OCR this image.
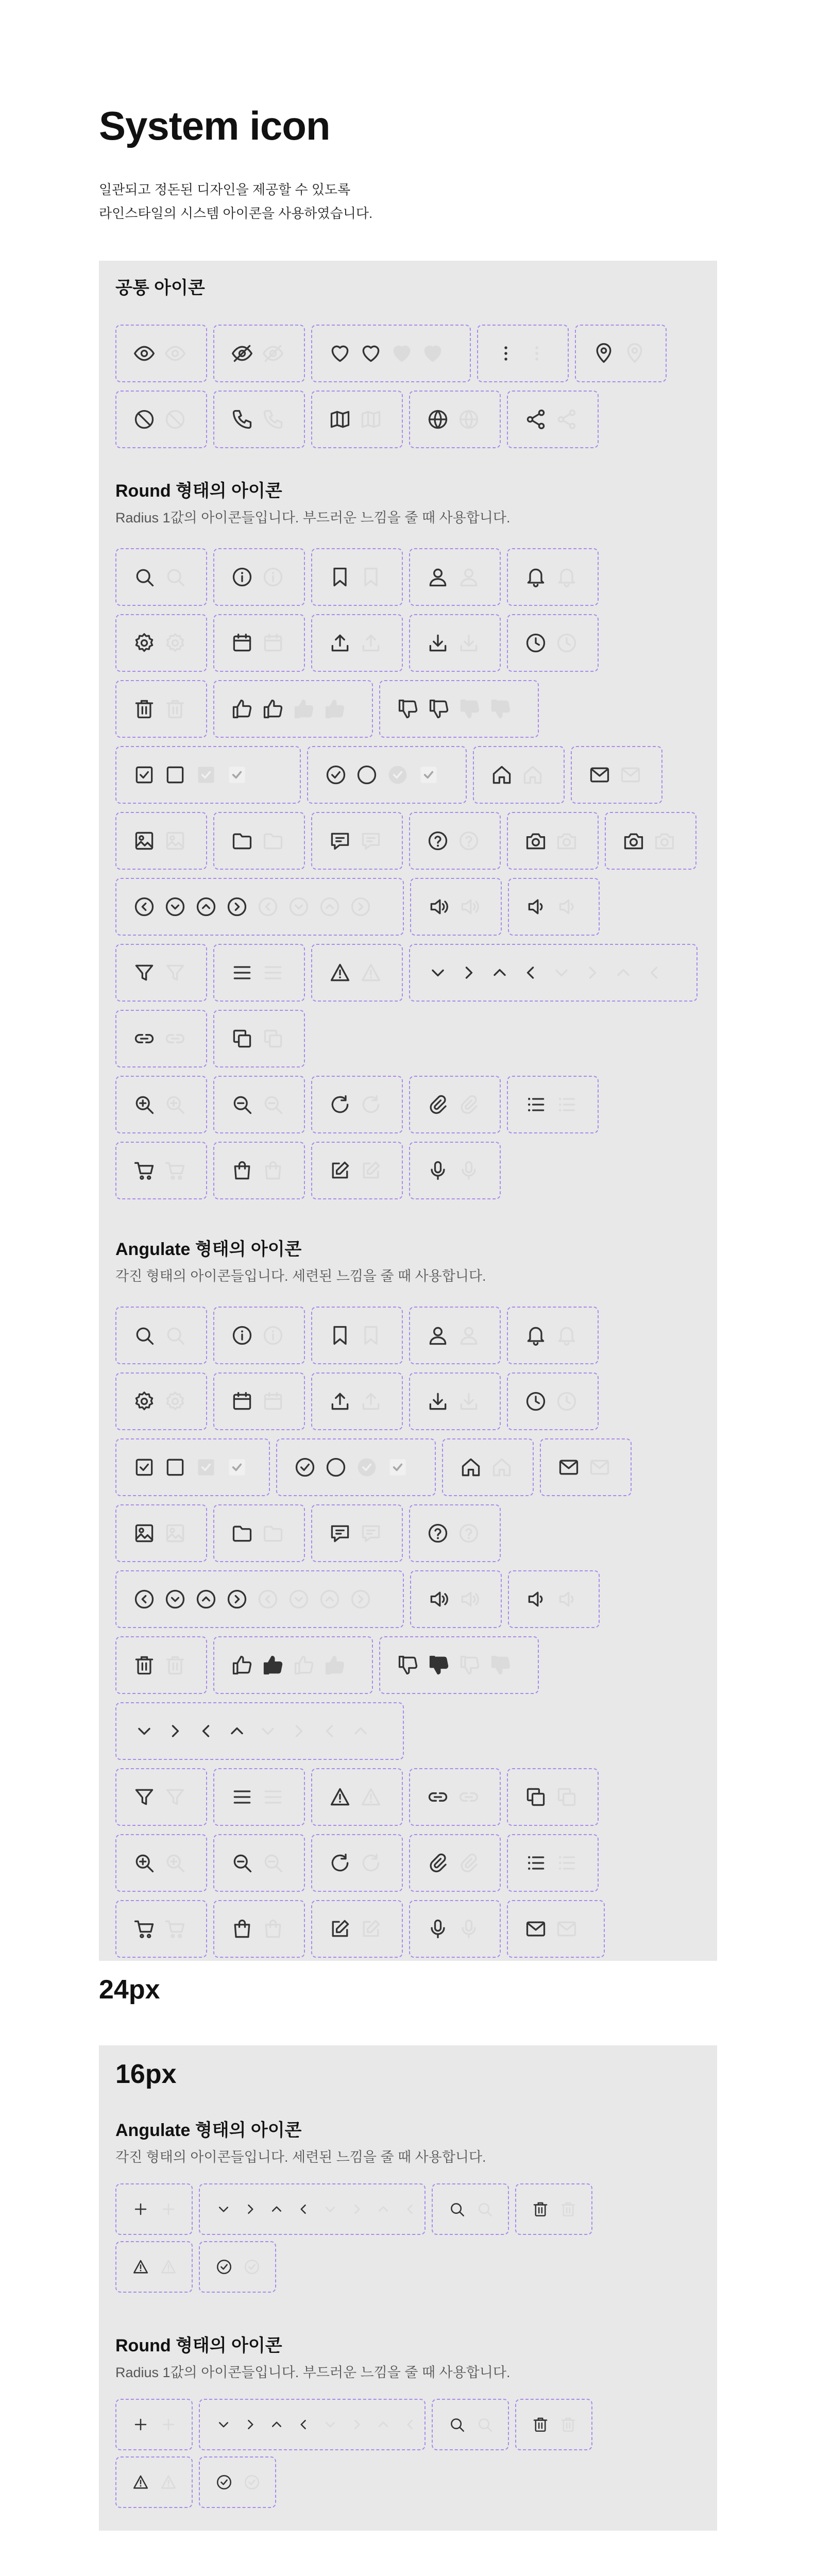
System icon
일관되고 정돈된 디자인을 제공할 수 있도록
라인스타일의 시스템 아이콘을 사용하였습니다.
공통 아이콘
Round 형태의 아이콘
Radius 1값의 아이콘들입니다. 부드러운 느낌을 줄 때 사용합니다.
Angulate 형태의 아이콘
각진 형태의 아이콘들입니다. 세련된 느낌을 줄 때 사용합니다.
24px
16px
Angulate 형태의 아이콘
각진 형태의 아이콘들입니다. 세련된 느낌을 줄 때 사용합니다.
Round 형태의 아이콘
Radius 1값의 아이콘들입니다. 부드러운 느낌을 줄 때 사용합니다.
